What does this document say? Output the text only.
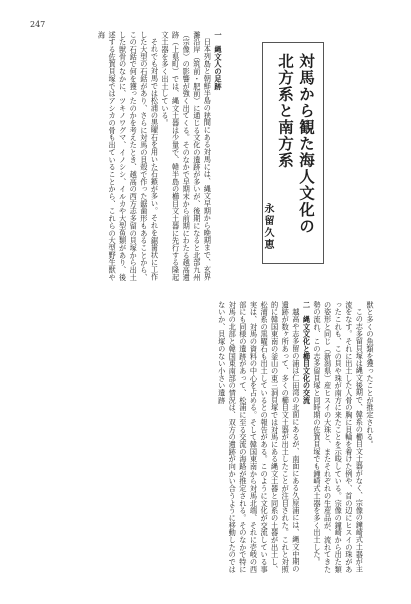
247
対馬から観た海人文化の
北方系と南方系
永留久恵

一　縄文人の足跡

日本列島と朝鮮半島の狭間にある対馬には、縄文早期から晩期まで、玄界灘沿岸（筑前・肥前）に通じる文化の遺跡が多いが、後期になると北部九州（宗像）の影響が強く出てくる。そのなかで早期末から前期にわたる越高遺跡（上県町）では、縄文土器は少量で、韓半島の櫛目文土器に先行する隆起文土器を多く出土している。

それでも対馬では松浦の黒曜石を用いた石鏃が多い。それを鋸歯状に工作した大型の石銛があり、さらに対馬の貝殻で作った鋸歯形もあることから、この石銛で何を獲ったのかを考えたとき、越高の西方志多留の貝塚から出土した獣骨のなかに、ツキノワグマ、イノシシ、イルカや大型魚類があり、後述する佐賀貝塚ではアシカの骨も出ていることから、これらの大型野生獣や海

獣と多くの魚類を獲ったことが推定される。

この志多留貝塚は縄文後期で、韓系の櫛目文土器がなく、宗像の鐘崎式土器が主流をなす。それに出土した人骨の胸に貝輪を着けた例や、首の辺にヒスイの珠があったこれも、この貝や珠が南方に来たことを示唆している。宗像の鐘崎から出た類の姿形と同じ（新潟県）産ヒスイの大珠と、またそれぞれの生産品が、流れてきた勢の流れ、この志多留貝塚と同時期の佐賀貝塚でも鐘崎式土器を多く出土した。

二　縄文文化と櫛目文化の交流

越高や志多留の浦は仁田湾の北面にあるが、南面にある久原浦には、縄文中期の遺跡が数ヶ所あって、多くの櫛目文土器が出土したことが注目された。これと対照的に韓国東南の釜山の東三洞貝塚では対馬にある縄文土器と同系の土器が出土し、松浦系の黒曜石も出土しているとの報告がある。このように文化が交流している事実は、対馬の資料の中心を占める。そして韓国東南から対馬北端、それに壱岐の西部にも同様の遺跡があって、松浦に至る交流の海路が推定される。そのなかで特に対馬の北部と韓国東南部の情況は、双方の遺跡が向かい合うように移動したのではないか、貝塚のない小さい遺跡
